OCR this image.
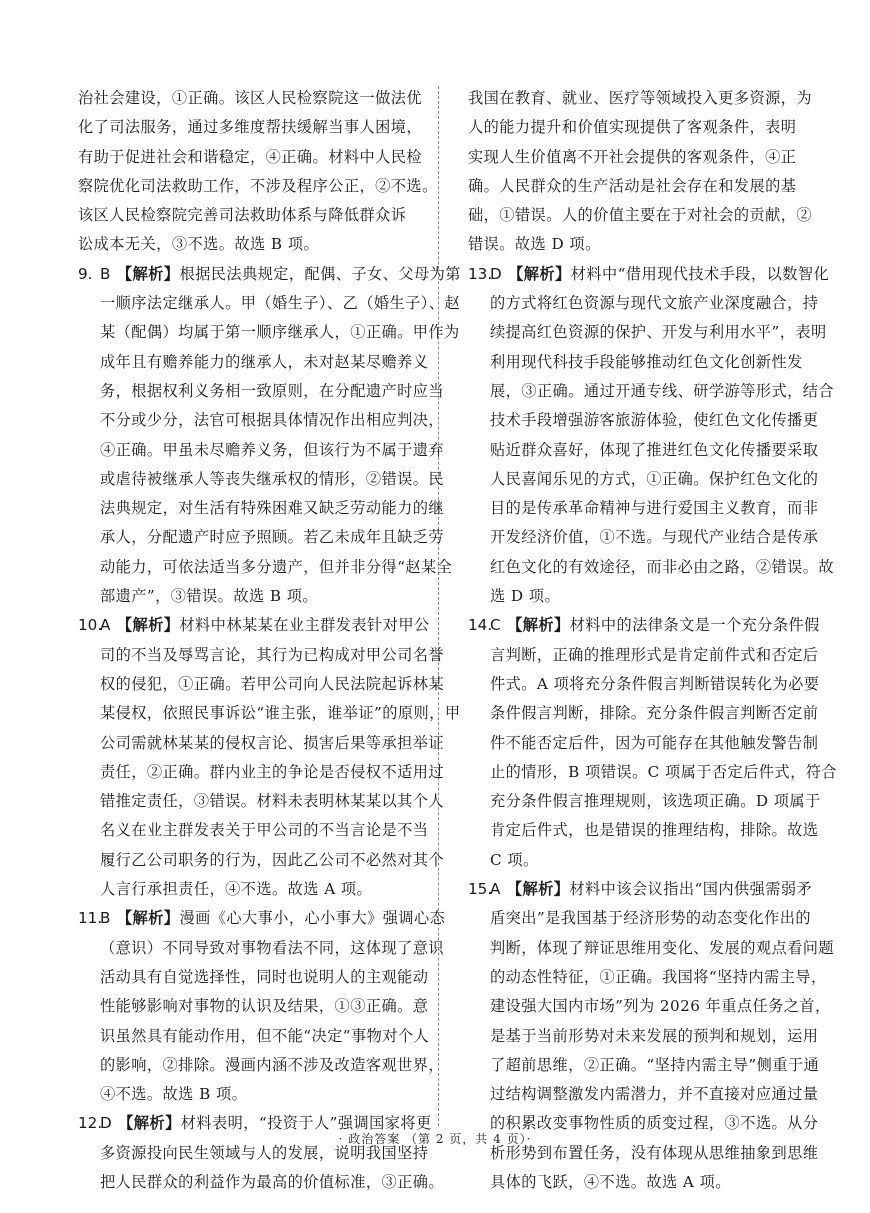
治社会建设，①正确。该区人民检察院这一做法优
化了司法服务，通过多维度帮扶缓解当事人困境，
有助于促进社会和谐稳定，④正确。材料中人民检
察院优化司法救助工作，不涉及程序公正，②不选。
该区人民检察院完善司法救助体系与降低群众诉
讼成本无关，③不选。故选 B 项。
9. B 【解析】根据民法典规定，配偶、子女、父母为第
一顺序法定继承人。甲（婚生子）、乙（婚生子）、赵
某（配偶）均属于第一顺序继承人，①正确。甲作为
成年且有赡养能力的继承人，未对赵某尽赡养义
务，根据权利义务相一致原则，在分配遗产时应当
不分或少分，法官可根据具体情况作出相应判决，
④正确。甲虽未尽赡养义务，但该行为不属于遗弃
或虐待被继承人等丧失继承权的情形，②错误。民
法典规定，对生活有特殊困难又缺乏劳动能力的继
承人，分配遗产时应予照顾。若乙未成年且缺乏劳
动能力，可依法适当多分遗产，但并非分得“赵某全
部遗产”，③错误。故选 B 项。
10.
A 【解析】材料中林某某在业主群发表针对甲公
司的不当及辱骂言论，其行为已构成对甲公司名誉
权的侵犯，①正确。若甲公司向人民法院起诉林某
某侵权，依照民事诉讼“谁主张，谁举证”的原则，甲
公司需就林某某的侵权言论、损害后果等承担举证
责任，②正确。群内业主的争论是否侵权不适用过
错推定责任，③错误。材料未表明林某某以其个人
名义在业主群发表关于甲公司的不当言论是不当
履行乙公司职务的行为，因此乙公司不必然对其个
人言行承担责任，④不选。故选 A 项。
11.
B 【解析】漫画《心大事小，心小事大》强调心态
（意识）不同导致对事物看法不同，这体现了意识
活动具有自觉选择性，同时也说明人的主观能动
性能够影响对事物的认识及结果，①③正确。意
识虽然具有能动作用，但不能“决定”事物对个人
的影响，②排除。漫画内涵不涉及改造客观世界，
④不选。故选 B 项。
12.
D 【解析】材料表明，“投资于人”强调国家将更
多资源投向民生领域与人的发展，说明我国坚持
把人民群众的利益作为最高的价值标准，③正确。
我国在教育、就业、医疗等领域投入更多资源，为
人的能力提升和价值实现提供了客观条件，表明
实现人生价值离不开社会提供的客观条件，④正
确。人民群众的生产活动是社会存在和发展的基
础，①错误。人的价值主要在于对社会的贡献，②
错误。故选 D 项。
13.
D 【解析】材料中“借用现代技术手段，以数智化
的方式将红色资源与现代文旅产业深度融合，持
续提高红色资源的保护、开发与利用水平”，表明
利用现代科技手段能够推动红色文化创新性发
展，③正确。通过开通专线、研学游等形式，结合
技术手段增强游客旅游体验，使红色文化传播更
贴近群众喜好，体现了推进红色文化传播要采取
人民喜闻乐见的方式，①正确。保护红色文化的
目的是传承革命精神与进行爱国主义教育，而非
开发经济价值，①不选。与现代产业结合是传承
红色文化的有效途径，而非必由之路，②错误。故
选 D 项。
14.
C 【解析】材料中的法律条文是一个充分条件假
言判断，正确的推理形式是肯定前件式和否定后
件式。A 项将充分条件假言判断错误转化为必要
条件假言判断，排除。充分条件假言判断否定前
件不能否定后件，因为可能存在其他触发警告制
止的情形，B 项错误。C 项属于否定后件式，符合
充分条件假言推理规则，该选项正确。D 项属于
肯定后件式，也是错误的推理结构，排除。故选
C 项。
15.
A 【解析】材料中该会议指出“国内供强需弱矛
盾突出”是我国基于经济形势的动态变化作出的
判断，体现了辩证思维用变化、发展的观点看问题
的动态性特征，①正确。我国将“坚持内需主导，
建设强大国内市场”列为 2026 年重点任务之首，
是基于当前形势对未来发展的预判和规划，运用
了超前思维，②正确。“坚持内需主导”侧重于通
过结构调整激发内需潜力，并不直接对应通过量
的积累改变事物性质的质变过程，③不选。从分
析形势到布置任务，没有体现从思维抽象到思维
具体的飞跃，④不选。故选 A 项。
· 政治答案 （第 2 页，共 4 页）·
